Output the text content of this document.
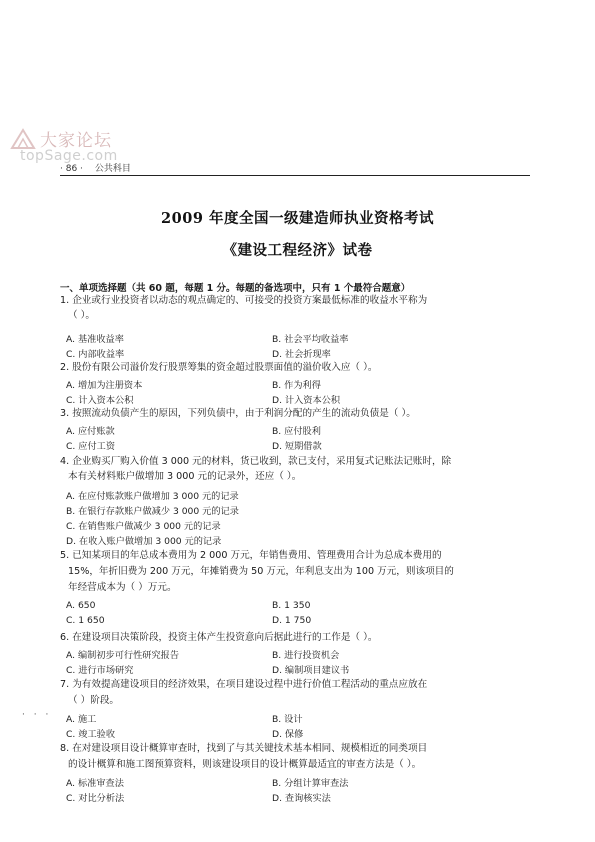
大家论坛
topSage.com
· 86 · 公共科目
2009 年度全国一级建造师执业资格考试
《建设工程经济》试卷
一、单项选择题（共 60 题，每题 1 分。每题的备选项中，只有 1 个最符合题意）
1. 企业或行业投资者以动态的观点确定的、可接受的投资方案最低标准的收益水平称为
（ ）。
A. 基准收益率	B. 社会平均收益率
C. 内部收益率	D. 社会折现率
2. 股份有限公司溢价发行股票筹集的资金超过股票面值的溢价收入应（ ）。
A. 增加为注册资本	B. 作为利得
C. 计入资本公积	D. 计入资本公积
3. 按照流动负债产生的原因，下列负债中，由于利润分配的产生的流动负债是（ ）。
A. 应付账款	B. 应付股利
C. 应付工资	D. 短期借款
4. 企业购买厂购入价值 3 000 元的材料，货已收到，款已支付，采用复式记账法记账时，除
本有关材料账户做增加 3 000 元的记录外，还应（ ）。
A. 在应付账款账户做增加 3 000 元的记录
B. 在银行存款账户做减少 3 000 元的记录
C. 在销售账户做减少 3 000 元的记录
D. 在收入账户做增加 3 000 元的记录
5. 已知某项目的年总成本费用为 2 000 万元，年销售费用、管理费用合计为总成本费用的
15%，年折旧费为 200 万元，年摊销费为 50 万元，年利息支出为 100 万元，则该项目的
年经营成本为（ ）万元。
A. 650	B. 1 350
C. 1 650	D. 1 750
6. 在建设项目决策阶段，投资主体产生投资意向后据此进行的工作是（ ）。
A. 编制初步可行性研究报告	B. 进行投资机会
C. 进行市场研究	D. 编制项目建议书
7. 为有效提高建设项目的经济效果，在项目建设过程中进行价值工程活动的重点应放在
（ ）阶段。
· · · A. 施工	B. 设计
C. 竣工验收	D. 保修
8. 在对建设项目设计概算审查时，找到了与其关键技术基本相同、规模相近的同类项目
的设计概算和施工图预算资料，则该建设项目的设计概算最适宜的审查方法是（ ）。
A. 标准审查法	B. 分组计算审查法
C. 对比分析法	D. 查询核实法
